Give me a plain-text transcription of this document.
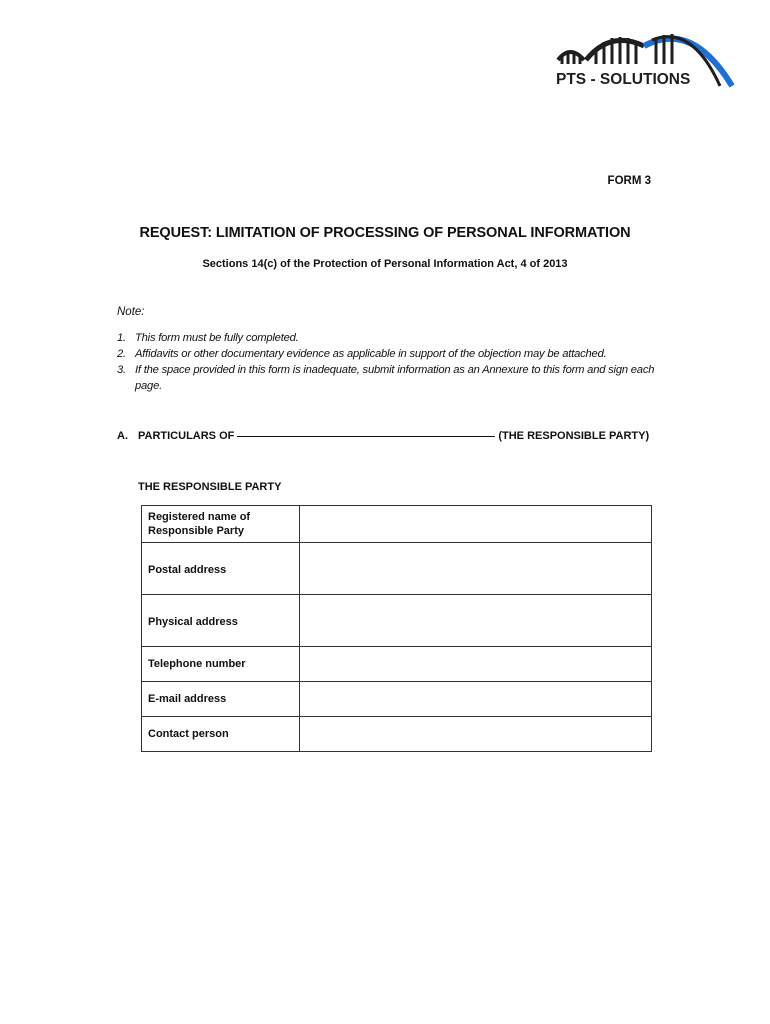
PTS - SOLUTIONS
FORM 3
REQUEST: LIMITATION OF PROCESSING OF PERSONAL INFORMATION
Sections 14(c) of the Protection of Personal Information Act, 4 of 2013
Note:
1. This form must be fully completed.
2. Affidavits or other documentary evidence as applicable in support of the objection may be attached.
3. If the space provided in this form is inadequate, submit information as an Annexure to this form and sign each page.
A. PARTICULARS OF	(THE RESPONSIBLE PARTY)
THE RESPONSIBLE PARTY
Registered name of Responsible Party	
Postal address	
Physical address	
Telephone number	
E-mail address	
Contact person	
